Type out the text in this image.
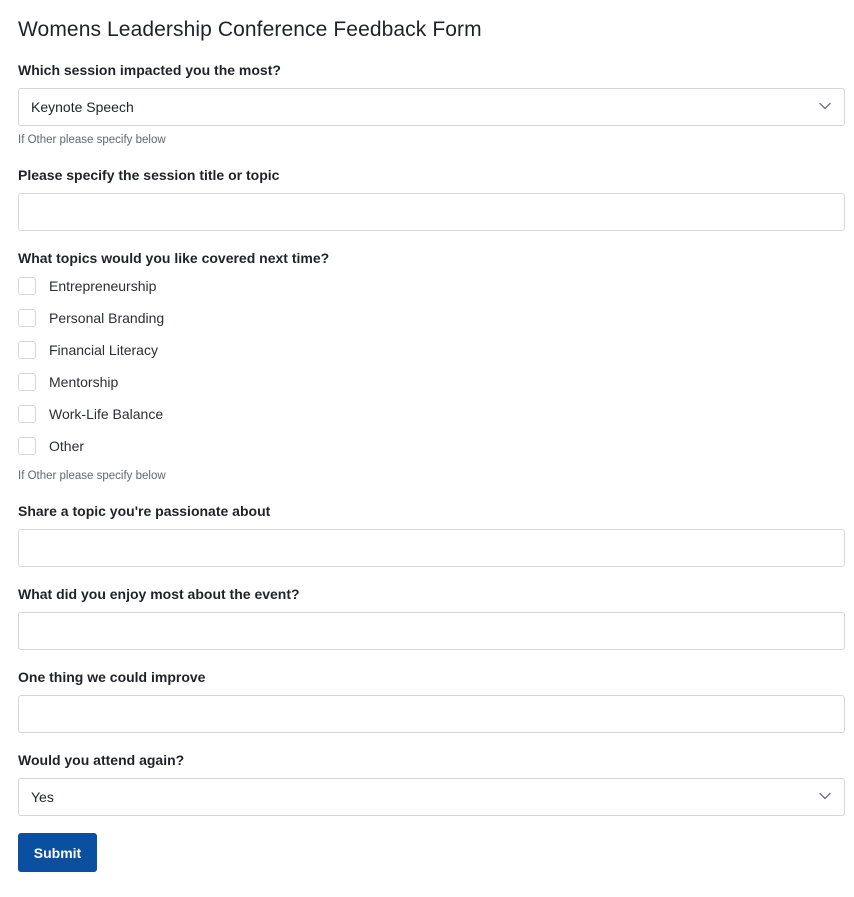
Womens Leadership Conference Feedback Form
Which session impacted you the most?
Keynote Speech
If Other please specify below
Please specify the session title or topic
What topics would you like covered next time?
Entrepreneurship
Personal Branding
Financial Literacy
Mentorship
Work-Life Balance
Other
If Other please specify below
Share a topic you're passionate about
What did you enjoy most about the event?
One thing we could improve
Would you attend again?
Yes
Submit
